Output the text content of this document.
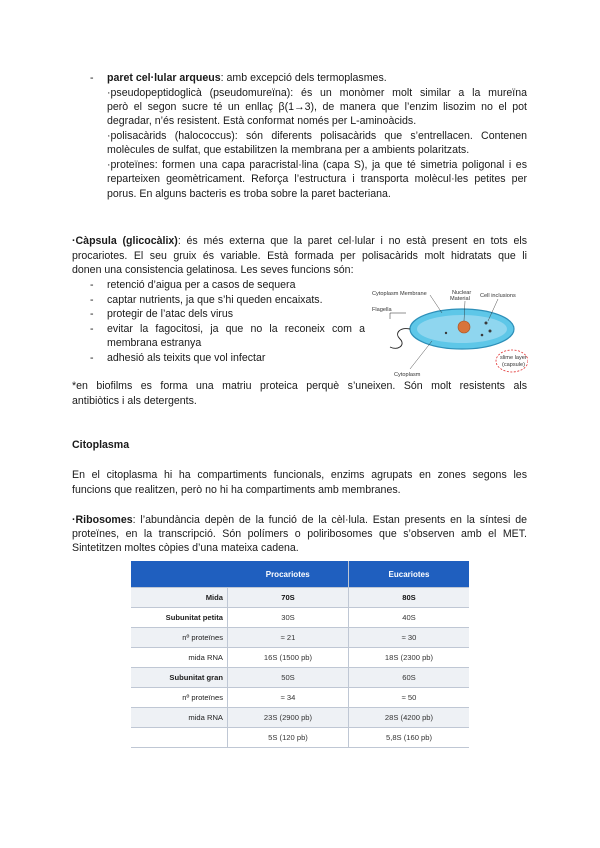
- paret cel·lular arqueus: amb excepció dels termoplasmes.

·pseudopeptidoglicà (pseudomureïna): és un monòmer molt similar a la mureïna

però el segon sucre té un enllaç β(1→3), de manera que l’enzim lisozim no el pot

degradar, n’és resistent. Està conformat només per L-aminoàcids.

·polisacàrids (halococcus): són diferents polisacàrids que s’entrellacen. Contenen

molècules de sulfat, que estabilitzen la membrana per a ambients polaritzats.

·proteïnes: formen una capa paracristal·lina (capa S), ja que té simetria poligonal i es

reparteixen geomètricament. Reforça l’estructura i transporta molècul·les petites per

porus. En alguns bacteris es troba sobre la paret bacteriana.

·Càpsula (glicocàlix): és més externa que la paret cel·lular i no està present en tots els

procariotes. El seu gruix és variable. Està formada per polisacàrids molt hidratats que li

donen una consistencia gelatinosa. Les seves funcions són:

- retenció d’aigua per a casos de sequera

- captar nutrients, ja que s’hi queden encaixats.

- protegir de l’atac dels virus

- evitar la fagocitosi, ja que no la reconeix com a

membrana estranya

- adhesió als teixits que vol infectar

Cytoplasm Membrane	Nuclear
Material Cell inclusions
Flagella
Cytoplasm
slime layer
(capsule)

*en biofilms es forma una matriu proteica perquè s’uneixen. Són molt resistents als

antibiòtics i als detergents.

Citoplasma

En el citoplasma hi ha compartiments funcionals, enzims agrupats en zones segons les

funcions que realitzen, però no hi ha compartiments amb membranes.

·Ribosomes: l’abundància depèn de la funció de la cèl·lula. Estan presents en la síntesi de

proteïnes, en la transcripció. Són polímers o poliribosomes que s’observen amb el MET.

Sintetitzen moltes còpies d’una mateixa cadena.

	Procariotes	Eucariotes
Mida	70S	80S
Subunitat petita	30S	40S
nº proteïnes	≈ 21	≈ 30
mida RNA	16S (1500 pb)	18S (2300 pb)
Subunitat gran	50S	60S
nº proteïnes	≈ 34	≈ 50
mida RNA	23S (2900 pb)	28S (4200 pb)
	5S (120 pb)	5,8S (160 pb)
